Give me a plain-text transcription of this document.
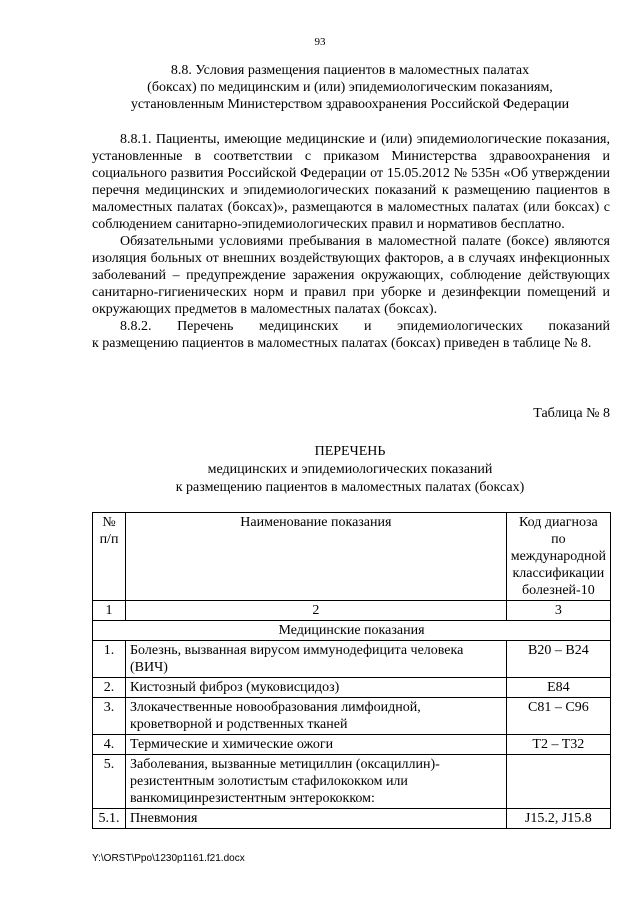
93
8.8. Условия размещения пациентов в маломестных палатах
(боксах) по медицинским и (или) эпидемиологическим показаниям,
установленным Министерством здравоохранения Российской Федерации

8.8.1. Пациенты, имеющие медицинские и (или) эпидемиологические показания, установленные в соответствии с приказом Министерства здравоохранения и социального развития Российской Федерации от 15.05.2012 № 535н «Об утверждении перечня медицинских и эпидемиологических показаний к размещению пациентов в маломестных палатах (боксах)», размещаются в маломестных палатах (или боксах) с соблюдением санитарно-эпидемиологических правил и нормативов бесплатно.

Обязательными условиями пребывания в маломестной палате (боксе) являются изоляция больных от внешних воздействующих факторов, а в случаях инфекционных заболеваний – предупреждение заражения окружающих, соблюдение действующих санитарно-гигиенических норм и правил при уборке и дезинфекции помещений и окружающих предметов в маломестных палатах (боксах).

8.8.2. Перечень медицинских и эпидемиологических показаний
к размещению пациентов в маломестных палатах (боксах) приведен в таблице № 8.

Таблица № 8
ПЕРЕЧЕНЬ
медицинских и эпидемиологических показаний
к размещению пациентов в маломестных палатах (боксах)
№ п/п	Наименование показания	Код диагноза по международной классификации болезней-10
1	2	3
Медицинские показания		
1.	Болезнь, вызванная вирусом иммунодефицита человека (ВИЧ)	B20 – B24
2.	Кистозный фиброз (муковисцидоз)	E84
3.	Злокачественные новообразования лимфоидной, кроветворной и родственных тканей	C81 – C96
4.	Термические и химические ожоги	T2 – T32
5.	Заболевания, вызванные метициллин (оксациллин)-резистентным золотистым стафилококком или ванкомицинрезистентным энтерококком:	
5.1.	Пневмония	J15.2, J15.8
Y:\ORST\Ppo\1230p1161.f21.docx
